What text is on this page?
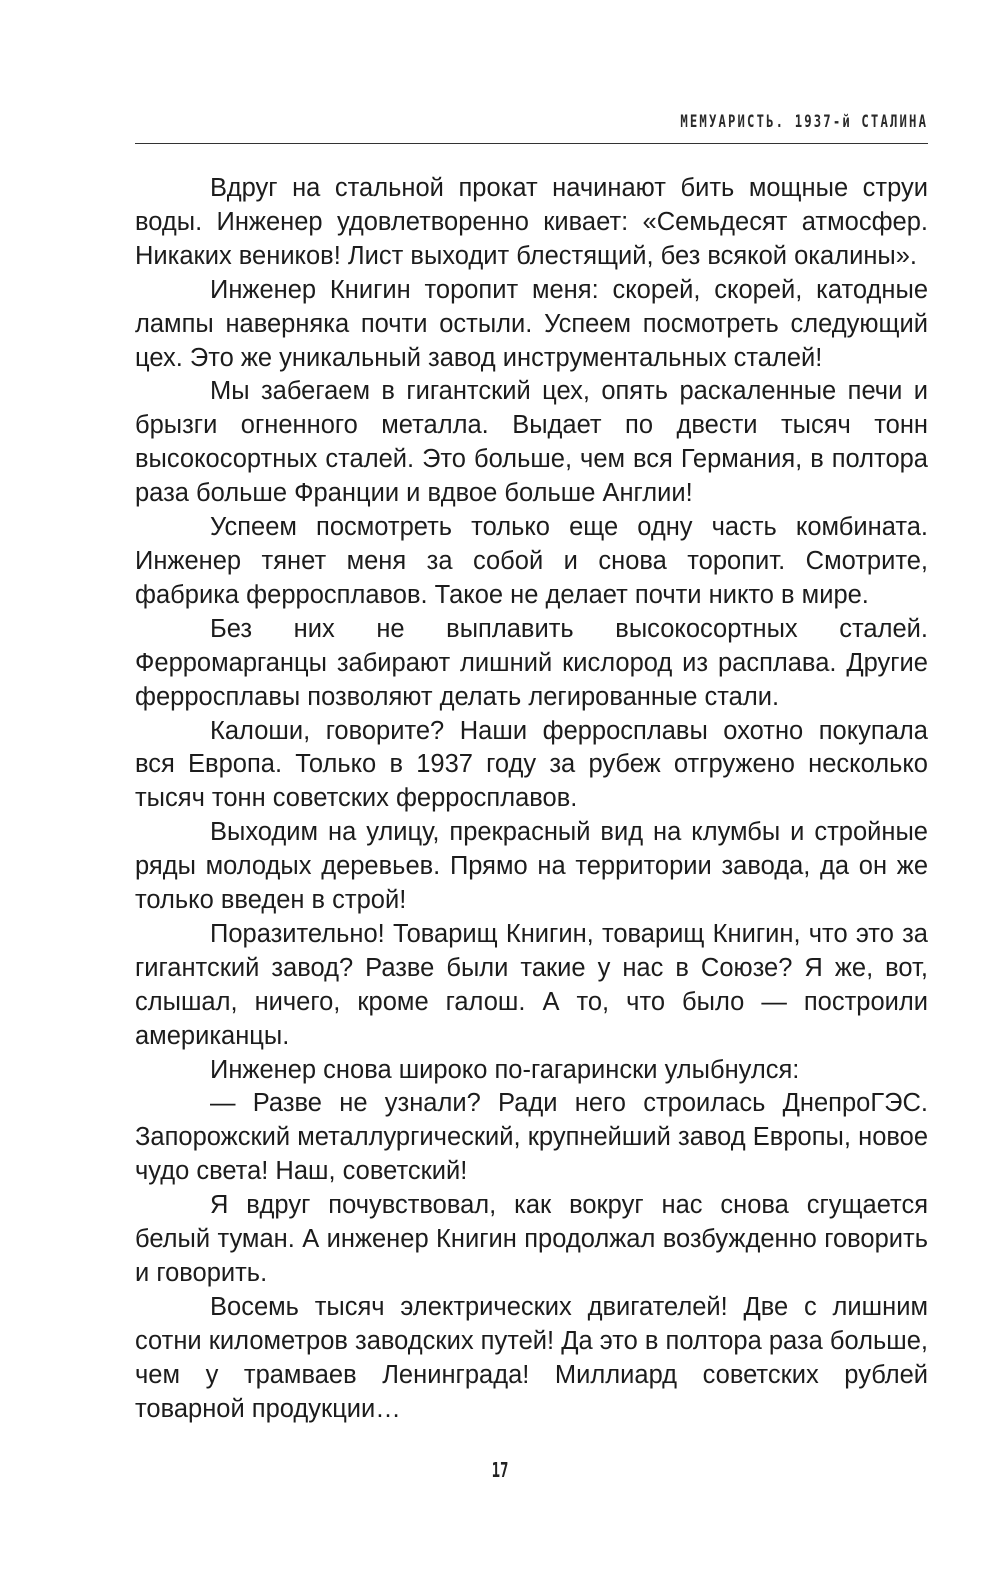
МЕМУАРИСТЬ. 1937-й СТАЛИНА

Вдруг на стальной прокат начинают бить мощные струи воды. Инженер удовлетворенно кивает: «Семьдесят атмосфер. Никаких веников! Лист выходит блестящий, без всякой окалины».

Инженер Книгин торопит меня: скорей, скорей, катодные лампы наверняка почти остыли. Успеем посмотреть следующий цех. Это же уникальный завод инструментальных сталей!

Мы забегаем в гигантский цех, опять раскаленные печи и брызги огненного металла. Выдает по двести тысяч тонн высокосортных сталей. Это больше, чем вся Германия, в полтора раза больше Франции и вдвое больше Англии!

Успеем посмотреть только еще одну часть комбината. Инженер тянет меня за собой и снова торопит. Смотрите, фабрика ферросплавов. Такое не делает почти никто в мире.

Без них не выплавить высокосортных сталей. Ферромарганцы забирают лишний кислород из расплава. Другие ферросплавы позволяют делать легированные стали.

Калоши, говорите? Наши ферросплавы охотно покупала вся Европа. Только в 1937 году за рубеж отгружено несколько тысяч тонн советских ферросплавов.

Выходим на улицу, прекрасный вид на клумбы и стройные ряды молодых деревьев. Прямо на территории завода, да он же только введен в строй!

Поразительно! Товарищ Книгин, товарищ Книгин, что это за гигантский завод? Разве были такие у нас в Союзе? Я же, вот, слышал, ничего, кроме галош. А то, что было — построили американцы.

Инженер снова широко по-гагарински улыбнулся:

— Разве не узнали? Ради него строилась ДнепроГЭС. Запорожский металлургический, крупнейший завод Европы, новое чудо света! Наш, советский!

Я вдруг почувствовал, как вокруг нас снова сгущается белый туман. А инженер Книгин продолжал возбужденно говорить и говорить.

Восемь тысяч электрических двигателей! Две с лишним сотни километров заводских путей! Да это в полтора раза больше, чем у трамваев Ленинграда! Миллиард советских рублей товарной продукции…

17
